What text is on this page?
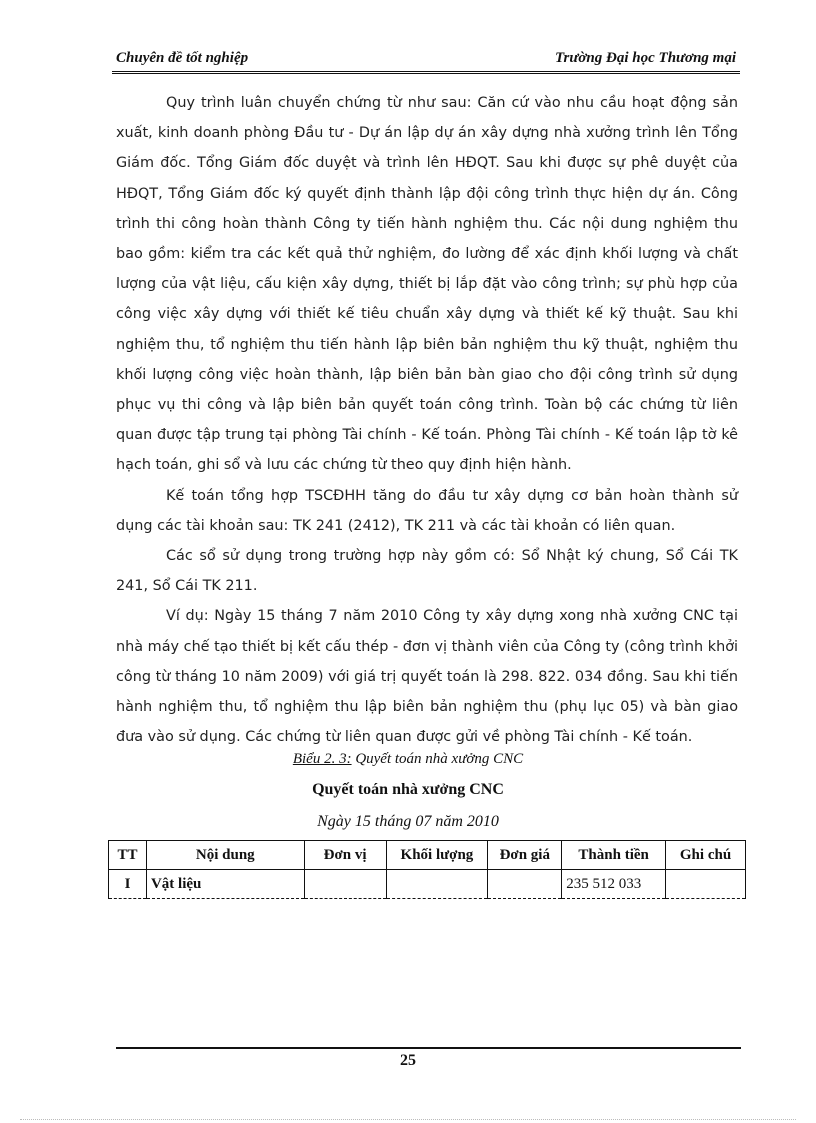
Chuyên đề tốt nghiệp	Trường Đại học Thương mại

Quy trình luân chuyển chứng từ như sau: Căn cứ vào nhu cầu hoạt động sản xuất, kinh doanh phòng Đầu tư - Dự án lập dự án xây dựng nhà xưởng trình lên Tổng Giám đốc. Tổng Giám đốc duyệt và trình lên HĐQT. Sau khi được sự phê duyệt của HĐQT, Tổng Giám đốc ký quyết định thành lập đội công trình thực hiện dự án. Công trình thi công hoàn thành Công ty tiến hành nghiệm thu. Các nội dung nghiệm thu bao gồm: kiểm tra các kết quả thử nghiệm, đo lường để xác định khối lượng và chất lượng của vật liệu, cấu kiện xây dựng, thiết bị lắp đặt vào công trình; sự phù hợp của công việc xây dựng với thiết kế tiêu chuẩn xây dựng và thiết kế kỹ thuật. Sau khi nghiệm thu, tổ nghiệm thu tiến hành lập biên bản nghiệm thu kỹ thuật, nghiệm thu khối lượng công việc hoàn thành, lập biên bản bàn giao cho đội công trình sử dụng phục vụ thi công và lập biên bản quyết toán công trình. Toàn bộ các chứng từ liên quan được tập trung tại phòng Tài chính - Kế toán. Phòng Tài chính - Kế toán lập tờ kê hạch toán, ghi sổ và lưu các chứng từ theo quy định hiện hành.

Kế toán tổng hợp TSCĐHH tăng do đầu tư xây dựng cơ bản hoàn thành sử dụng các tài khoản sau: TK 241 (2412), TK 211 và các tài khoản có liên quan.

Các sổ sử dụng trong trường hợp này gồm có: Sổ Nhật ký chung, Sổ Cái TK 241, Sổ Cái TK 211.

Ví dụ: Ngày 15 tháng 7 năm 2010 Công ty xây dựng xong nhà xưởng CNC tại nhà máy chế tạo thiết bị kết cấu thép - đơn vị thành viên của Công ty (công trình khởi công từ tháng 10 năm 2009) với giá trị quyết toán là 298. 822. 034 đồng. Sau khi tiến hành nghiệm thu, tổ nghiệm thu lập biên bản nghiệm thu (phụ lục 05) và bàn giao đưa vào sử dụng. Các chứng từ liên quan được gửi về phòng Tài chính - Kế toán.

Biểu 2. 3: Quyết toán nhà xưởng CNC
Quyết toán nhà xưởng CNC
Ngày 15 tháng 07 năm 2010
TT	Nội dung	Đơn vị	Khối lượng	Đơn giá	Thành tiền	Ghi chú
I	Vật liệu				235 512 033	
25
